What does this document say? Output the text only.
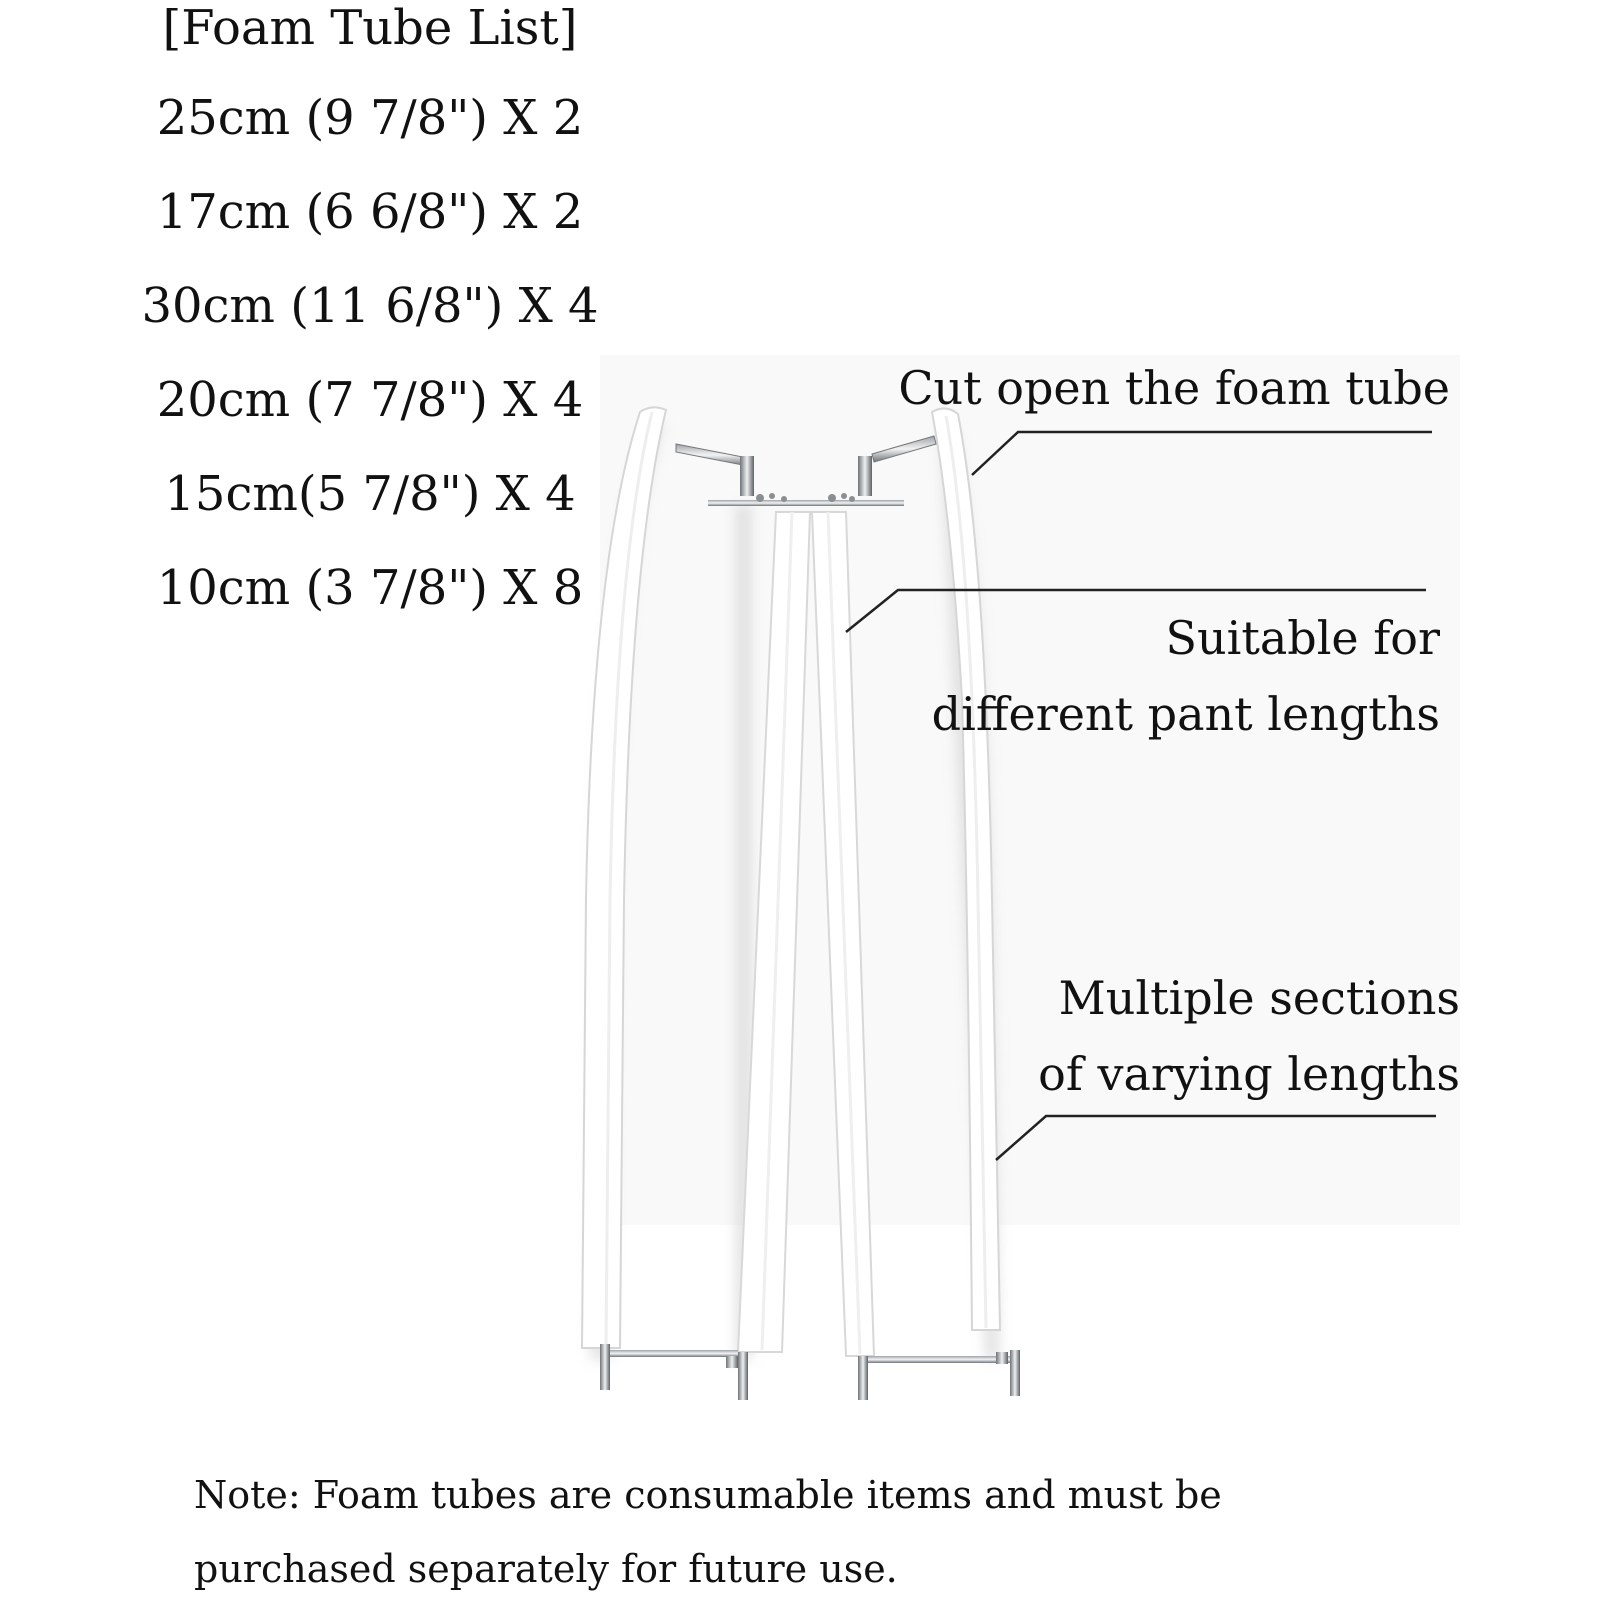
[Foam Tube List]
25cm (9 7/8") X 2
17cm (6 6/8") X 2
30cm (11 6/8") X 4
20cm (7 7/8") X 4
15cm(5 7/8") X 4
10cm (3 7/8") X 8
Cut open the foam tube
Suitable for
different pant lengths
Multiple sections
of varying lengths
Note: Foam tubes are consumable items and must be
purchased separately for future use.
